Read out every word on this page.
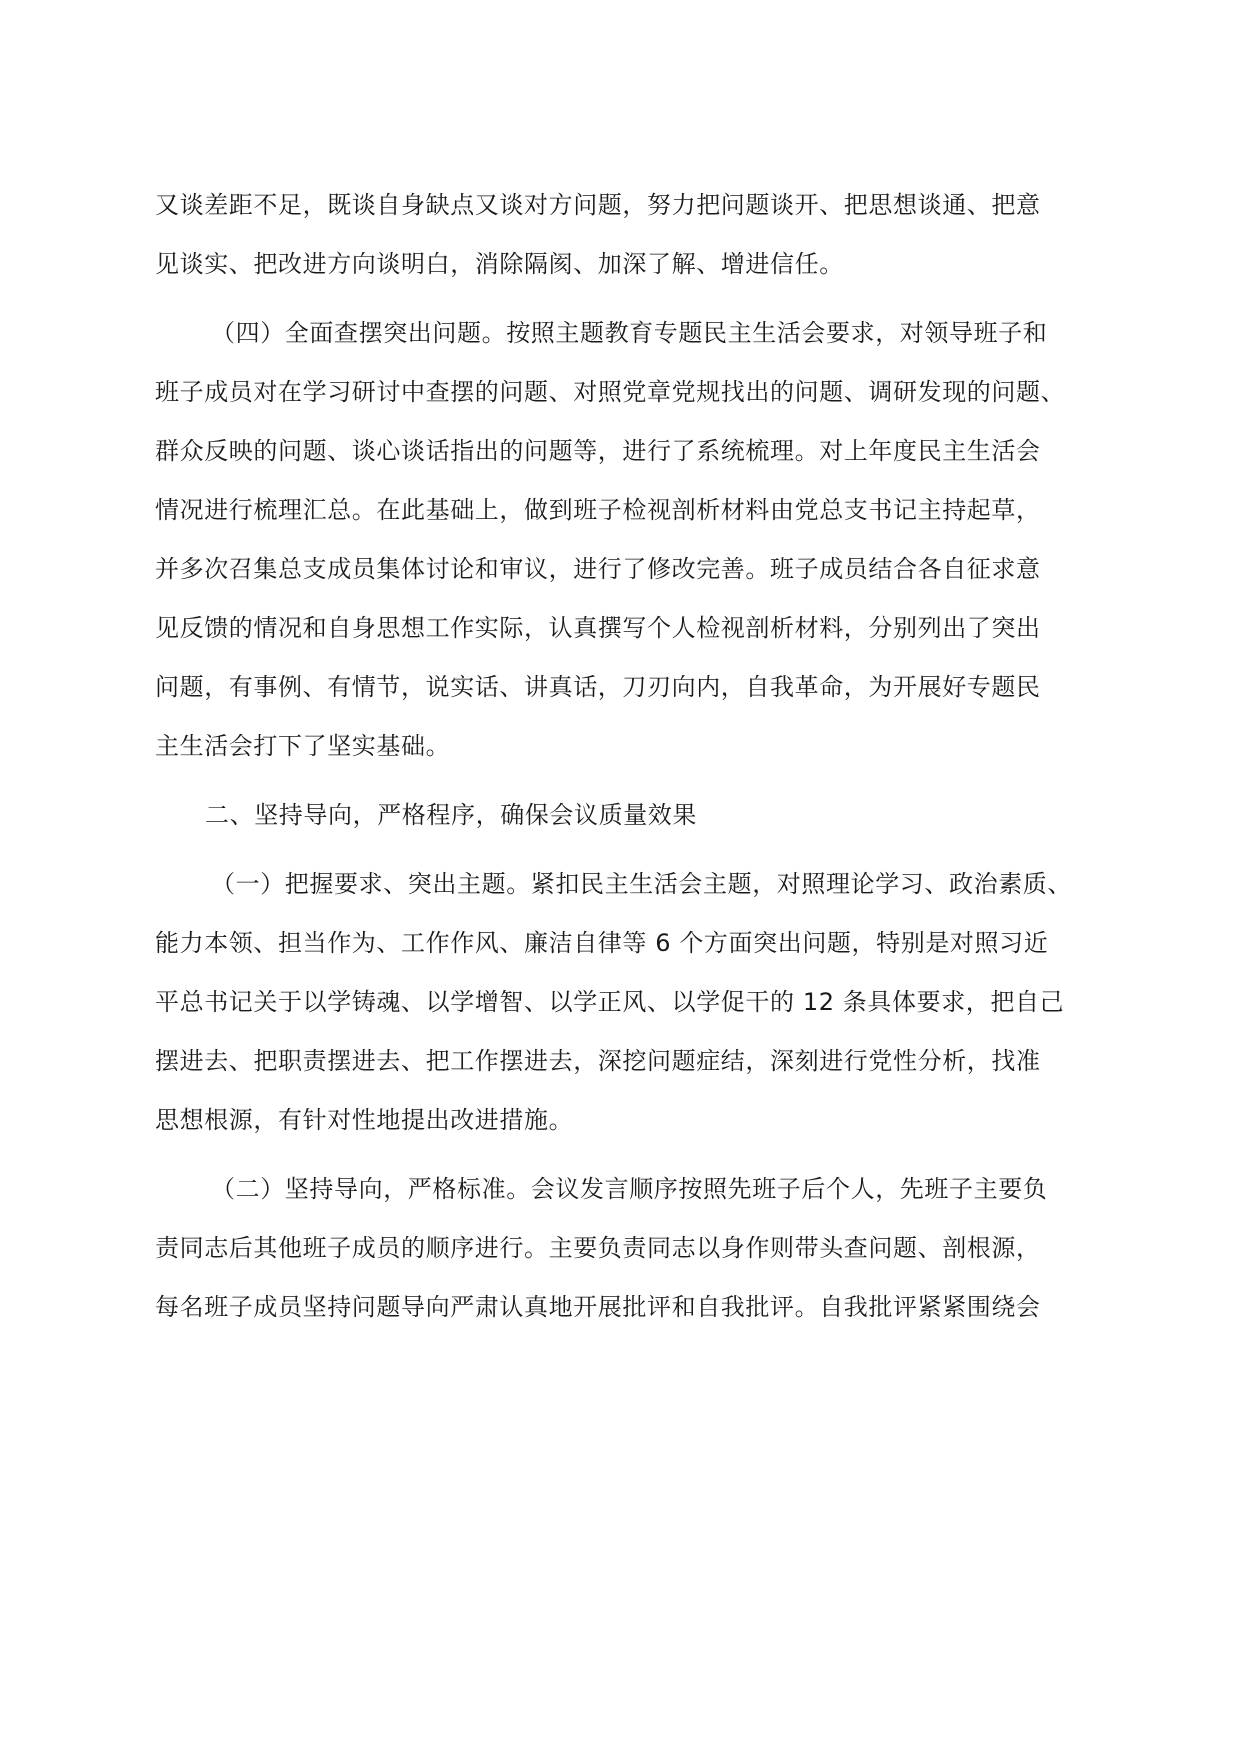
又谈差距不足，既谈自身缺点又谈对方问题，努力把问题谈开、把思想谈通、把意

见谈实、把改进方向谈明白，消除隔阂、加深了解、增进信任。

（四）全面查摆突出问题。按照主题教育专题民主生活会要求，对领导班子和

班子成员对在学习研讨中查摆的问题、对照党章党规找出的问题、调研发现的问题、

群众反映的问题、谈心谈话指出的问题等，进行了系统梳理。对上年度民主生活会

情况进行梳理汇总。在此基础上，做到班子检视剖析材料由党总支书记主持起草，

并多次召集总支成员集体讨论和审议，进行了修改完善。班子成员结合各自征求意

见反馈的情况和自身思想工作实际，认真撰写个人检视剖析材料，分别列出了突出

问题，有事例、有情节，说实话、讲真话，刀刃向内，自我革命，为开展好专题民

主生活会打下了坚实基础。

二、坚持导向，严格程序，确保会议质量效果

（一）把握要求、突出主题。紧扣民主生活会主题，对照理论学习、政治素质、

能力本领、担当作为、工作作风、廉洁自律等 6 个方面突出问题，特别是对照习近

平总书记关于以学铸魂、以学增智、以学正风、以学促干的 12 条具体要求，把自己

摆进去、把职责摆进去、把工作摆进去，深挖问题症结，深刻进行党性分析，找准

思想根源，有针对性地提出改进措施。

（二）坚持导向，严格标准。会议发言顺序按照先班子后个人，先班子主要负

责同志后其他班子成员的顺序进行。主要负责同志以身作则带头查问题、剖根源，

每名班子成员坚持问题导向严肃认真地开展批评和自我批评。自我批评紧紧围绕会
